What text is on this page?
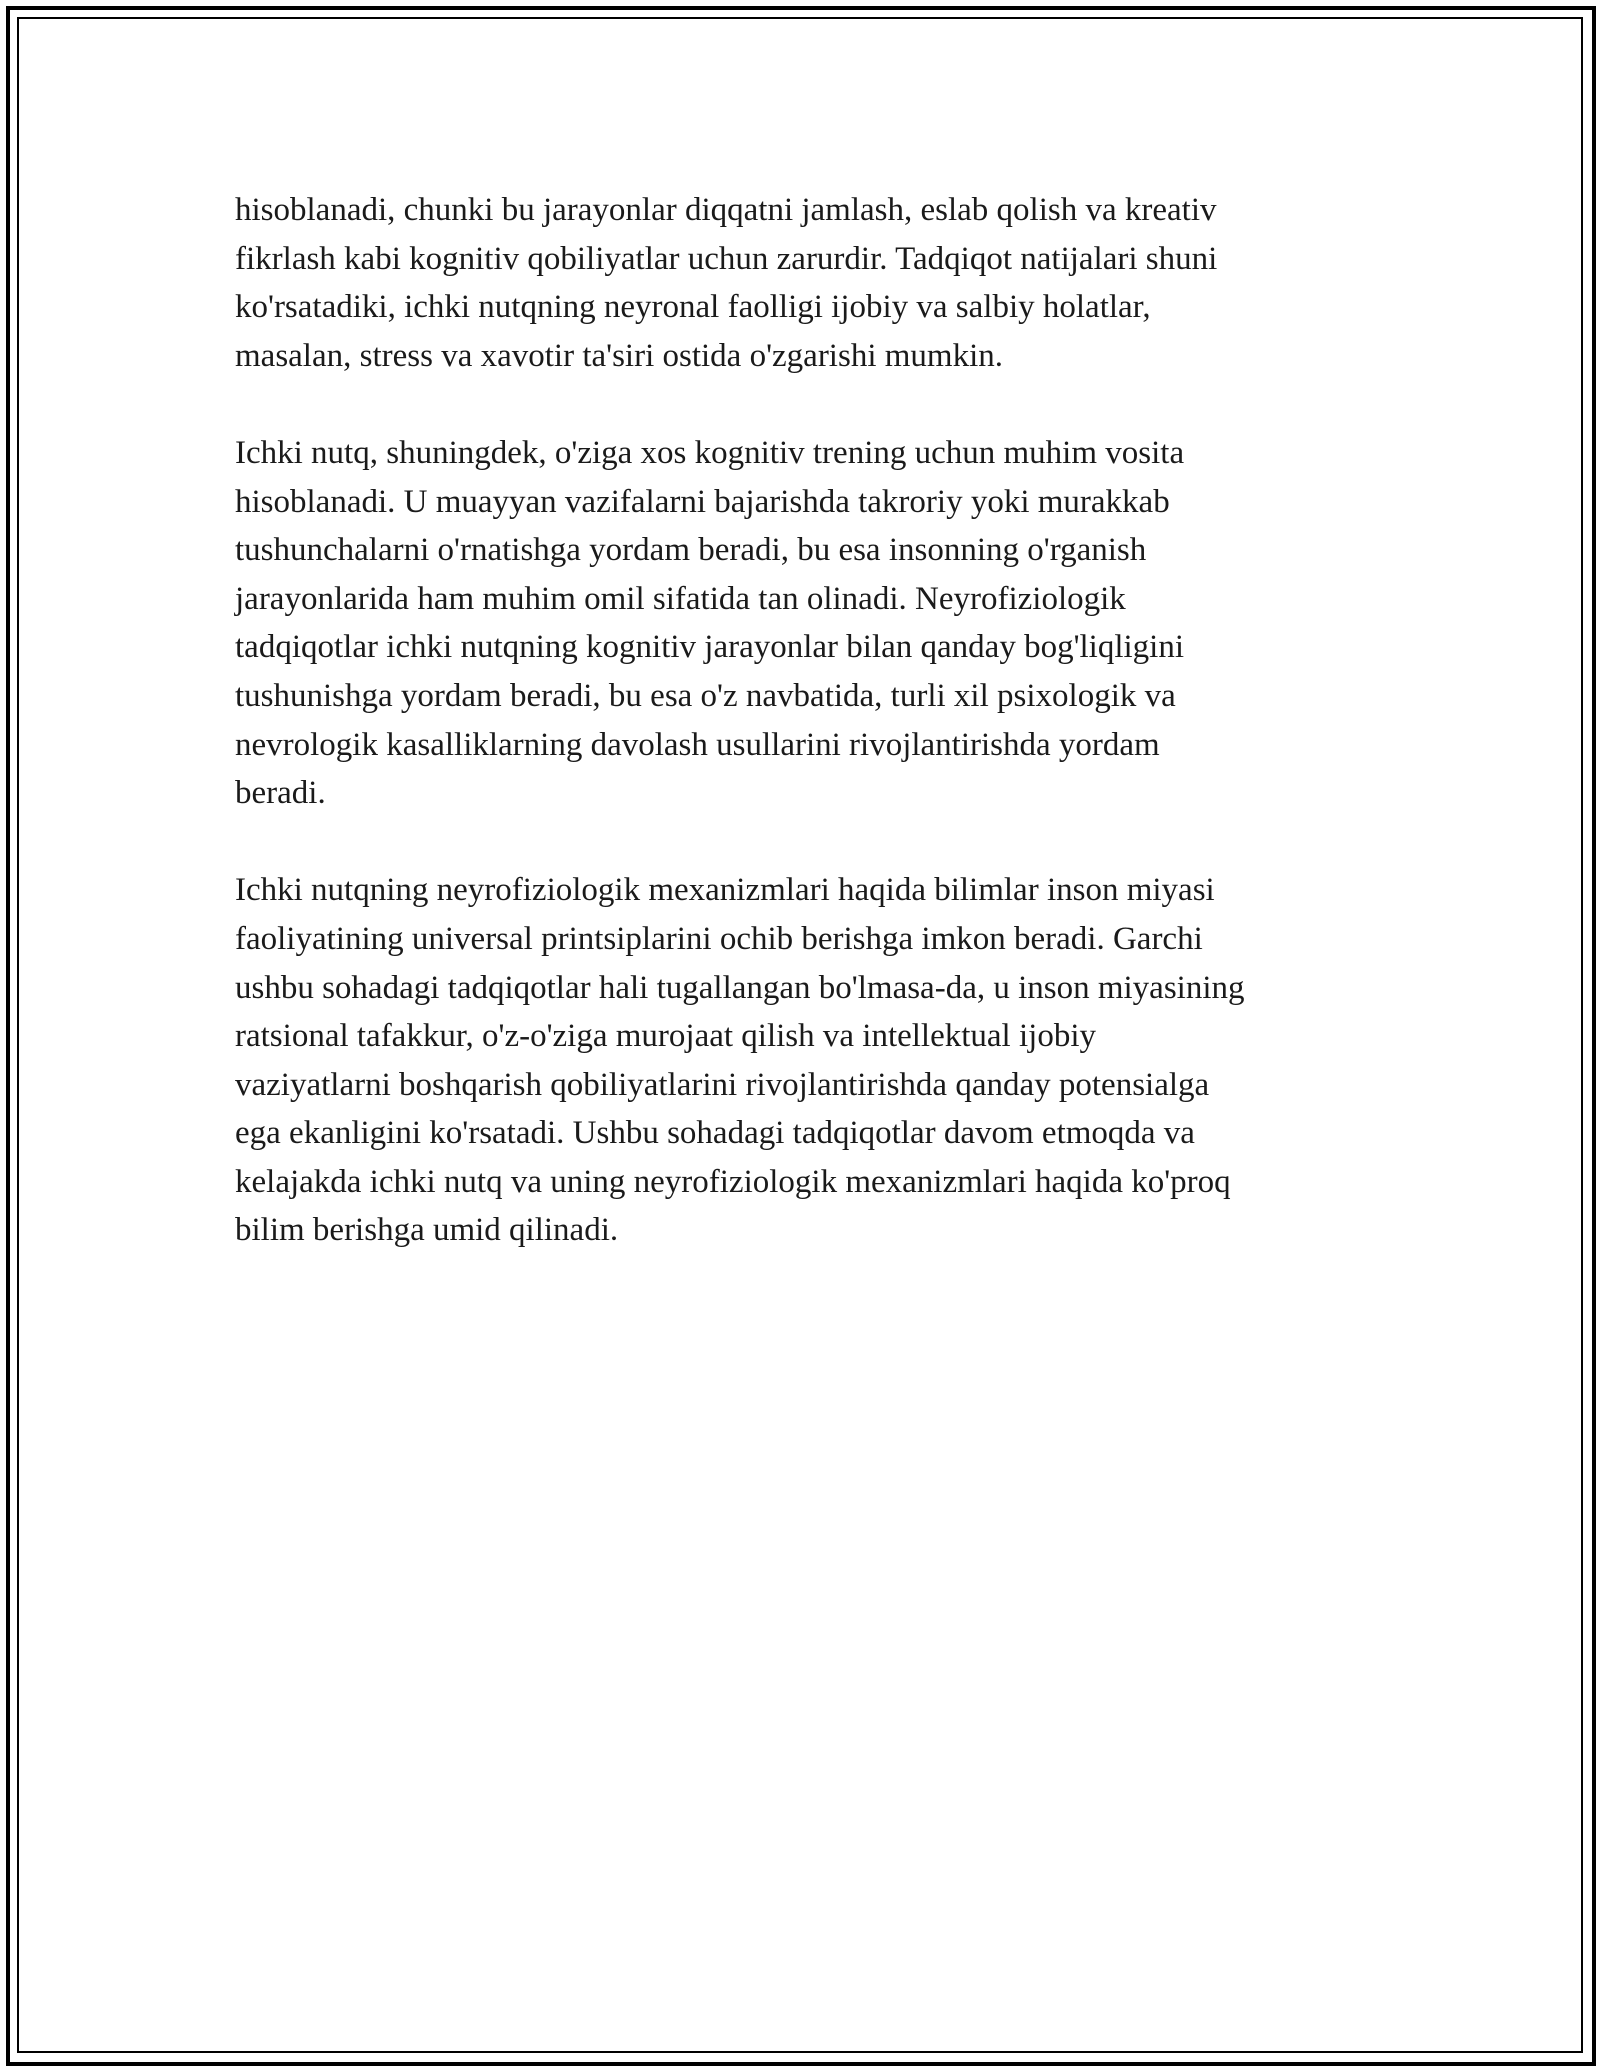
hisoblanadi, chunki bu jarayonlar diqqatni jamlash, eslab qolish va kreativ
fikrlash kabi kognitiv qobiliyatlar uchun zarurdir. Tadqiqot natijalari shuni
ko'rsatadiki, ichki nutqning neyronal faolligi ijobiy va salbiy holatlar,
masalan, stress va xavotir ta'siri ostida o'zgarishi mumkin.

Ichki nutq, shuningdek, o'ziga xos kognitiv trening uchun muhim vosita
hisoblanadi. U muayyan vazifalarni bajarishda takroriy yoki murakkab
tushunchalarni o'rnatishga yordam beradi, bu esa insonning o'rganish
jarayonlarida ham muhim omil sifatida tan olinadi. Neyrofiziologik
tadqiqotlar ichki nutqning kognitiv jarayonlar bilan qanday bog'liqligini
tushunishga yordam beradi, bu esa o'z navbatida, turli xil psixologik va
nevrologik kasalliklarning davolash usullarini rivojlantirishda yordam
beradi.

Ichki nutqning neyrofiziologik mexanizmlari haqida bilimlar inson miyasi
faoliyatining universal printsiplarini ochib berishga imkon beradi. Garchi
ushbu sohadagi tadqiqotlar hali tugallangan bo'lmasa-da, u inson miyasining
ratsional tafakkur, o'z-o'ziga murojaat qilish va intellektual ijobiy
vaziyatlarni boshqarish qobiliyatlarini rivojlantirishda qanday potensialga
ega ekanligini ko'rsatadi. Ushbu sohadagi tadqiqotlar davom etmoqda va
kelajakda ichki nutq va uning neyrofiziologik mexanizmlari haqida ko'proq
bilim berishga umid qilinadi.
